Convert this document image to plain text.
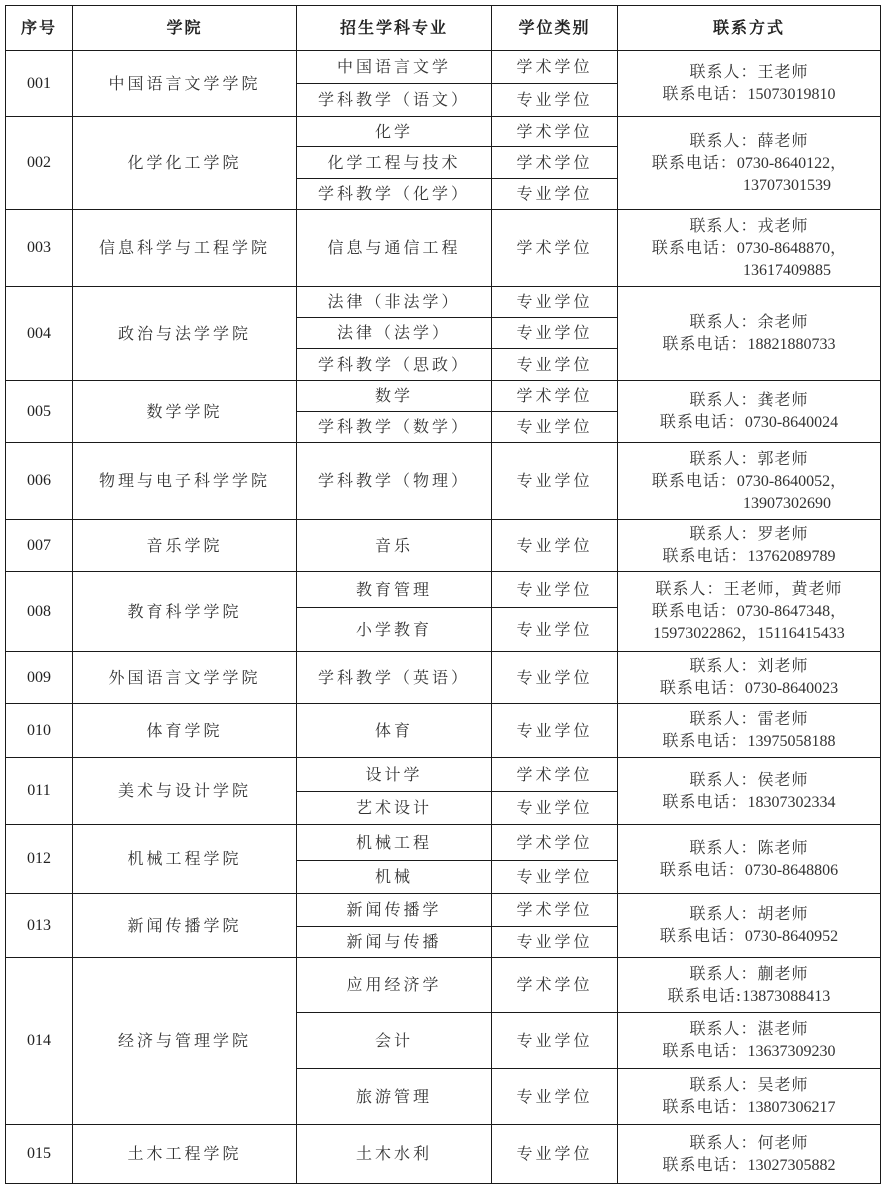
序号	学院	招生学科专业	学位类别	联系方式
001	中国语言文学学院	中国语言文学	学术学位	联系人：王老师
联系电话：15073019810

		学科教学（语文）	专业学位	
002	化学化工学院	化学	学术学位	联系人：薛老师
联系电话：0730-8640122，
13707301539

		化学工程与技术	学术学位	
		学科教学（化学）	专业学位	
003	信息科学与工程学院	信息与通信工程	学术学位	联系人：戎老师
联系电话：0730-8648870，
13617409885

004	政治与法学学院	法律（非法学）	专业学位	联系人：余老师
联系电话：18821880733

		法律（法学）	专业学位	
		学科教学（思政）	专业学位	
005	数学学院	数学	学术学位	联系人：龚老师
联系电话：0730-8640024

		学科教学（数学）	专业学位	
006	物理与电子科学学院	学科教学（物理）	专业学位	联系人：郭老师
联系电话：0730-8640052，
13907302690

007	音乐学院	音乐	专业学位	联系人：罗老师
联系电话：13762089789

008	教育科学学院	教育管理	专业学位	联系人：王老师，黄老师
联系电话：0730-8647348，
15973022862，15116415433

		小学教育	专业学位	
009	外国语言文学学院	学科教学（英语）	专业学位	联系人：刘老师
联系电话：0730-8640023

010	体育学院	体育	专业学位	联系人：雷老师
联系电话：13975058188

011	美术与设计学院	设计学	学术学位	联系人：侯老师
联系电话：18307302334

		艺术设计	专业学位	
012	机械工程学院	机械工程	学术学位	联系人：陈老师
联系电话：0730-8648806

		机械	专业学位	
013	新闻传播学院	新闻传播学	学术学位	联系人：胡老师
联系电话：0730-8640952

		新闻与传播	专业学位	
014	经济与管理学院	应用经济学	学术学位	联系人：蒯老师
联系电话:13873088413

		会计	专业学位	联系人：湛老师
联系电话：13637309230

		旅游管理	专业学位	联系人：吴老师
联系电话：13807306217

015	土木工程学院	土木水利	专业学位	联系人：何老师
联系电话：13027305882
